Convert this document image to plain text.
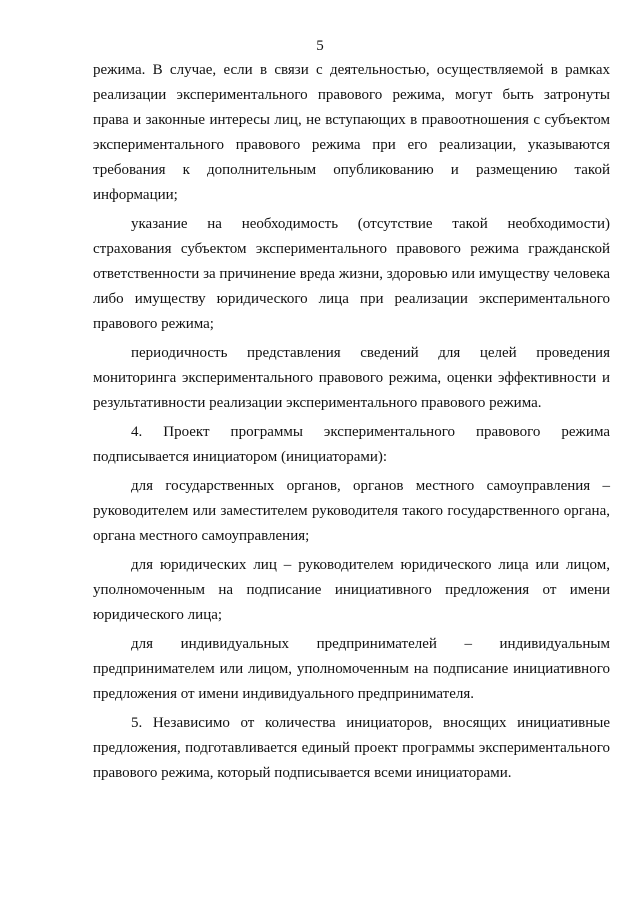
5

режима. В случае, если в связи с деятельностью, осуществляемой в рамках реализации экспериментального правового режима, могут быть затронуты права и законные интересы лиц, не вступающих в правоотношения с субъектом экспериментального правового режима при его реализации, указываются требования к дополнительным опубликованию и размещению такой информации;

указание на необходимость (отсутствие такой необходимости) страхования субъектом экспериментального правового режима гражданской ответственности за причинение вреда жизни, здоровью или имуществу человека либо имуществу юридического лица при реализации экспериментального правового режима;

периодичность представления сведений для целей проведения мониторинга экспериментального правового режима, оценки эффективности и результативности реализации экспериментального правового режима.

4. Проект программы экспериментального правового режима подписывается инициатором (инициаторами):

для государственных органов, органов местного самоуправления – руководителем или заместителем руководителя такого государственного органа, органа местного самоуправления;

для юридических лиц – руководителем юридического лица или лицом, уполномоченным на подписание инициативного предложения от имени юридического лица;

для индивидуальных предпринимателей – индивидуальным предпринимателем или лицом, уполномоченным на подписание инициативного предложения от имени индивидуального предпринимателя.

5. Независимо от количества инициаторов, вносящих инициативные предложения, подготавливается единый проект программы экспериментального правового режима, который подписывается всеми инициаторами.
